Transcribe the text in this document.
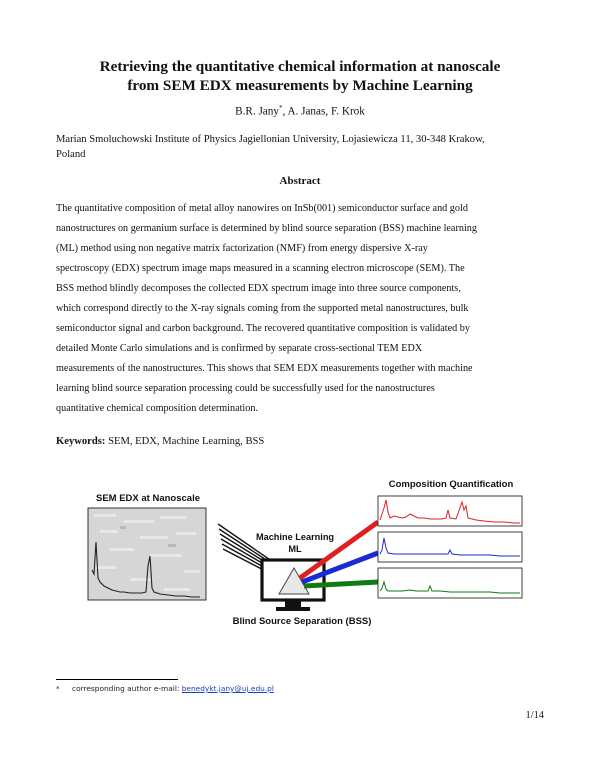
Retrieving the quantitative chemical information at nanoscale
from SEM EDX measurements by Machine Learning
B.R. Jany*, A. Janas, F. Krok
Marian Smoluchowski Institute of Physics Jagiellonian University, Lojasiewicza 11, 30-348 Krakow,
Poland
Abstract
The quantitative composition of metal alloy nanowires on InSb(001) semiconductor surface and gold
nanostructures on germanium surface is determined by blind source separation (BSS) machine learning
(ML) method using non negative matrix factorization (NMF) from energy dispersive X-ray
spectroscopy (EDX) spectrum image maps measured in a scanning electron microscope (SEM). The
BSS method blindly decomposes the collected EDX spectrum image into three source components,
which correspond directly to the X-ray signals coming from the supported metal nanostructures, bulk
semiconductor signal and carbon background. The recovered quantitative composition is validated by
detailed Monte Carlo simulations and is confirmed by separate cross-sectional TEM EDX
measurements of the nanostructures. This shows that SEM EDX measurements together with machine
learning blind source separation processing could be successfully used for the nanostructures
quantitative chemical composition determination.
Keywords: SEM, EDX, Machine Learning, BSS
SEM EDX at Nanoscale
Machine Learning
ML
Blind Source Separation (BSS)
Composition Quantification
* corresponding author e-mail: benedykt.jany@uj.edu.pl
1/14
